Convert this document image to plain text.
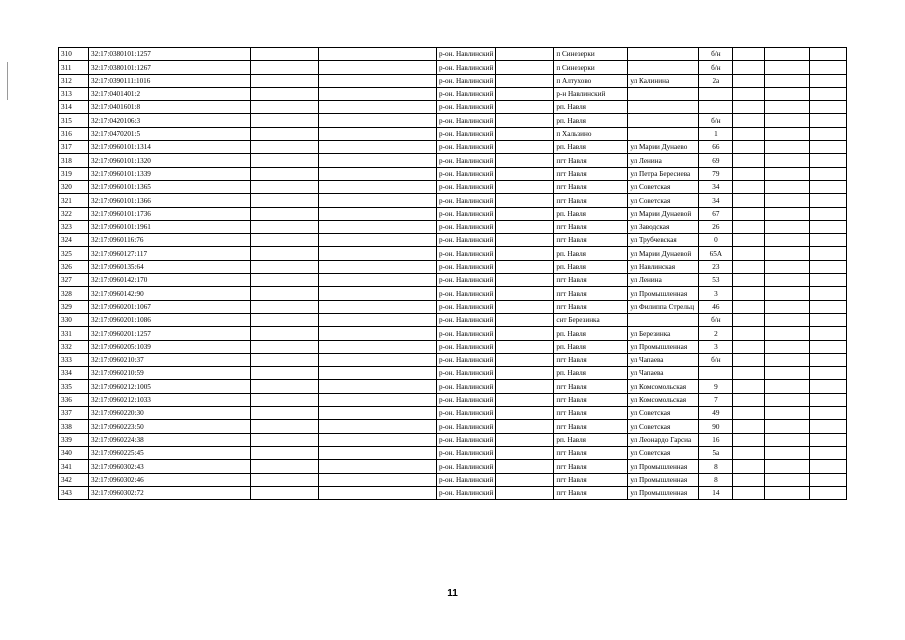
310	32:17:0380101:1257			р-он. Навлинский		п Синезерки		б/н			
311	32:17:0380101:1267			р-он. Навлинский		п Синезерки		б/н			
312	32:17:0390111:1016			р-он. Навлинский		п Алтухово	ул Калинина	2а			
313	32:17:0401401:2			р-он. Навлинский		р-н Навлинский					
314	32:17:0401601:8			р-он. Навлинский		рп. Навля					
315	32:17:0420106:3			р-он. Навлинский		рп. Навля		б/н			
316	32:17:0470201:5			р-он. Навлинский		п Хальзино		1			
317	32:17:0960101:1314			р-он. Навлинский		рп. Навля	ул Марии Дунаево	66			
318	32:17:0960101:1320			р-он. Навлинский		пгт Навля	ул Ленина	69			
319	32:17:0960101:1339			р-он. Навлинский		пгт Навля	ул Петра Бересиева	79			
320	32:17:0960101:1365			р-он. Навлинский		пгт Навля	ул Советская	34			
321	32:17:0960101:1366			р-он. Навлинский		пгт Навля	ул Советская	34			
322	32:17:0960101:1736			р-он. Навлинский		рп. Навля	ул Марии Дунаевой	67			
323	32:17:0960101:1961			р-он. Навлинский		пгт Навля	ул Заводская	26			
324	32:17:0960116:76			р-он. Навлинский		пгт Навля	ул Трубчевская	0			
325	32:17:0960127:117			р-он. Навлинский		рп. Навля	ул Марии Дунаевой	65А			
326	32:17:0960135:64			р-он. Навлинский		рп. Навля	ул Навлинская	23			
327	32:17:0960142:170			р-он. Навлинский		пгт Навля	ул Ленина	53			
328	32:17:0960142:90			р-он. Навлинский		пгт Навля	ул Промышленная	3			
329	32:17:0960201:1067			р-он. Навлинский		пгт Навля	ул Филиппа Стрельц	46			
330	32:17:0960201:1086			р-он. Навлинский		снт Березинка		б/н			
331	32:17:0960201:1257			р-он. Навлинский		рп. Навля	ул Березинка	2			
332	32:17:0960205:1039			р-он. Навлинский		рп. Навля	ул Промышленная	3			
333	32:17:0960210:37			р-он. Навлинский		пгт Навля	ул Чапаева	б/н			
334	32:17:0960210:59			р-он. Навлинский		рп. Навля	ул Чапаева				
335	32:17:0960212:1005			р-он. Навлинский		пгт Навля	ул Комсомольская	9			
336	32:17:0960212:1033			р-он. Навлинский		пгт Навля	ул Комсомольская	7			
337	32:17:0960220:30			р-он. Навлинский		пгт Навля	ул Советская	49			
338	32:17:0960223:50			р-он. Навлинский		пгт Навля	ул Советская	90			
339	32:17:0960224:38			р-он. Навлинский		рп. Навля	ул Леонардо Гарсиа	16			
340	32:17:0960225:45			р-он. Навлинский		пгт Навля	ул Советская	5а			
341	32:17:0960302:43			р-он. Навлинский		пгт Навля	ул Промышленная	8			
342	32:17:0960302:46			р-он. Навлинский		пгт Навля	ул Промышленная	8			
343	32:17:0960302:72			р-он. Навлинский		пгт Навля	ул Промышленная	14			
11
